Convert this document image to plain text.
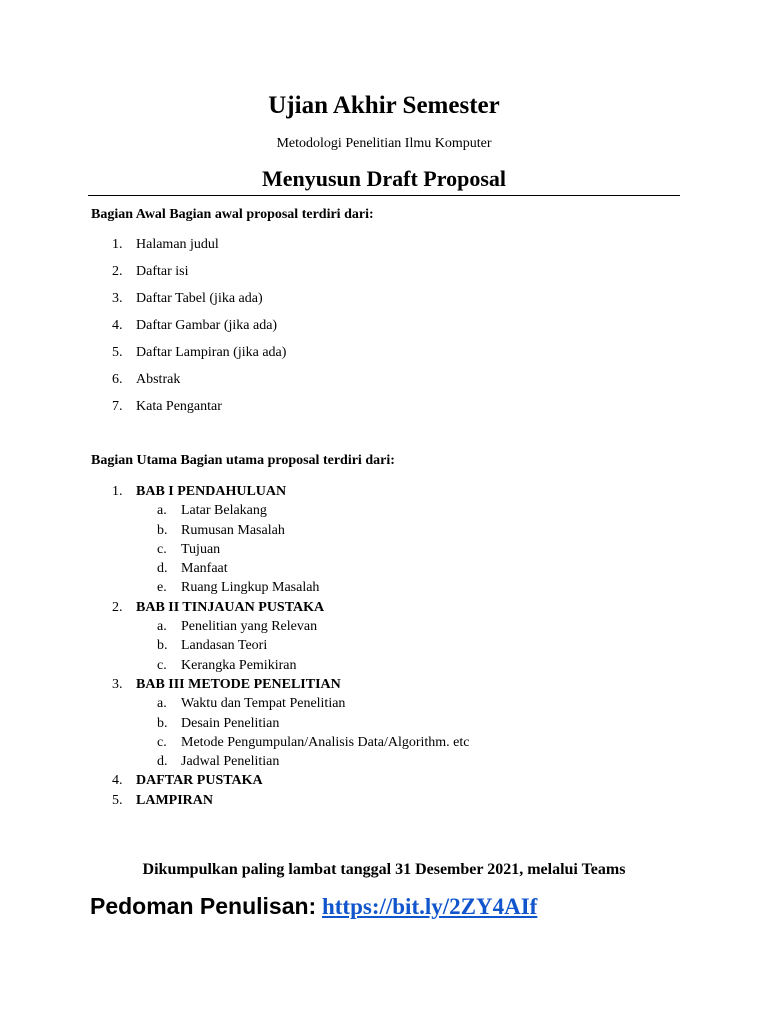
Ujian Akhir Semester

Metodologi Penelitian Ilmu Komputer

Menyusun Draft Proposal

Bagian Awal Bagian awal proposal terdiri dari:

1. Halaman judul
2. Daftar isi
3. Daftar Tabel (jika ada)
4. Daftar Gambar (jika ada)
5. Daftar Lampiran (jika ada)
6. Abstrak
7. Kata Pengantar

Bagian Utama Bagian utama proposal terdiri dari:

1. BAB I PENDAHULUAN
a.	Latar Belakang
b. Rumusan Masalah
c.	Tujuan
d. Manfaat
e.	Ruang Lingkup Masalah
2. BAB II TINJAUAN PUSTAKA
a.	Penelitian yang Relevan
b. Landasan Teori
c.	Kerangka Pemikiran
3. BAB III METODE PENELITIAN
a.	Waktu dan Tempat Penelitian
b. Desain Penelitian
c.	Metode Pengumpulan/Analisis Data/Algorithm. etc
d. Jadwal Penelitian
4. DAFTAR PUSTAKA
5. LAMPIRAN

Dikumpulkan paling lambat tanggal 31 Desember 2021, melalui Teams

Pedoman Penulisan: https://bit.ly/2ZY4AIf
